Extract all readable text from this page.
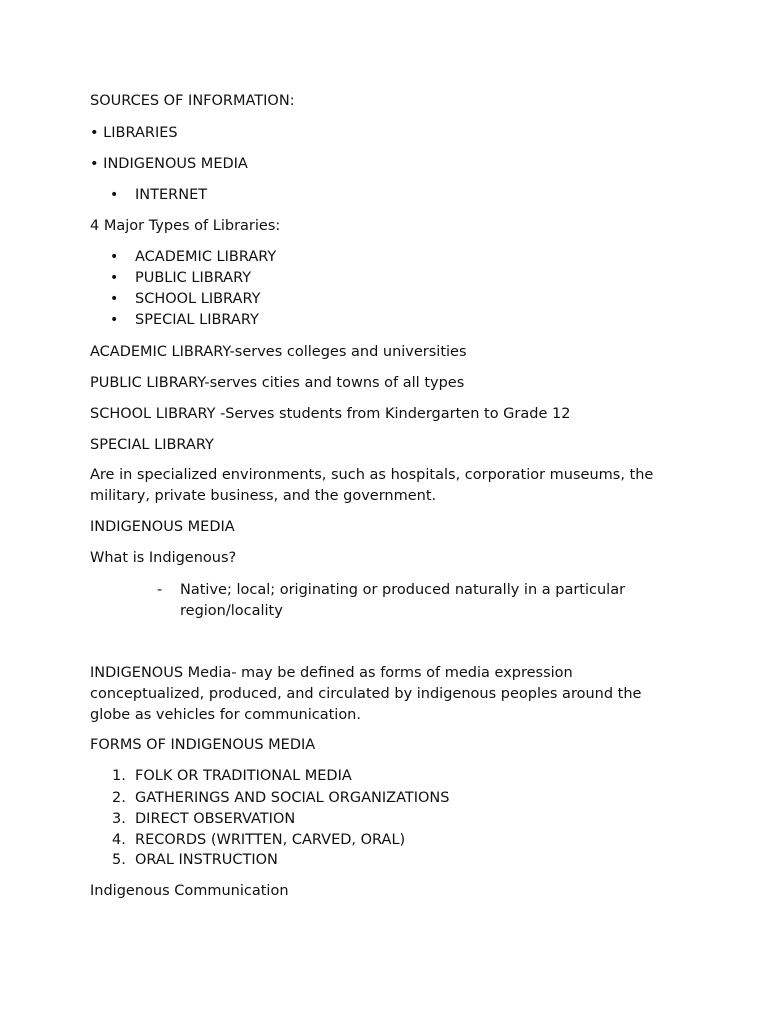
SOURCES OF INFORMATION:

• LIBRARIES

• INDIGENOUS MEDIA

•	INTERNET

4 Major Types of Libraries:

•	ACADEMIC LIBRARY
•	PUBLIC LIBRARY
•	SCHOOL LIBRARY
•	SPECIAL LIBRARY

ACADEMIC LIBRARY-serves colleges and universities

PUBLIC LIBRARY-serves cities and towns of all types

SCHOOL LIBRARY -Serves students from Kindergarten to Grade 12

SPECIAL LIBRARY

Are in specialized environments, such as hospitals, corporatior museums, the
military, private business, and the government.

INDIGENOUS MEDIA

What is Indigenous?

- Native; local; originating or produced naturally in a particular
region/locality
INDIGENOUS Media- may be defined as forms of media expression
conceptualized, produced, and circulated by indigenous peoples around the
globe as vehicles for communication.

FORMS OF INDIGENOUS MEDIA

1. FOLK OR TRADITIONAL MEDIA
2. GATHERINGS AND SOCIAL ORGANIZATIONS
3. DIRECT OBSERVATION
4. RECORDS (WRITTEN, CARVED, ORAL)
5. ORAL INSTRUCTION

Indigenous Communication
